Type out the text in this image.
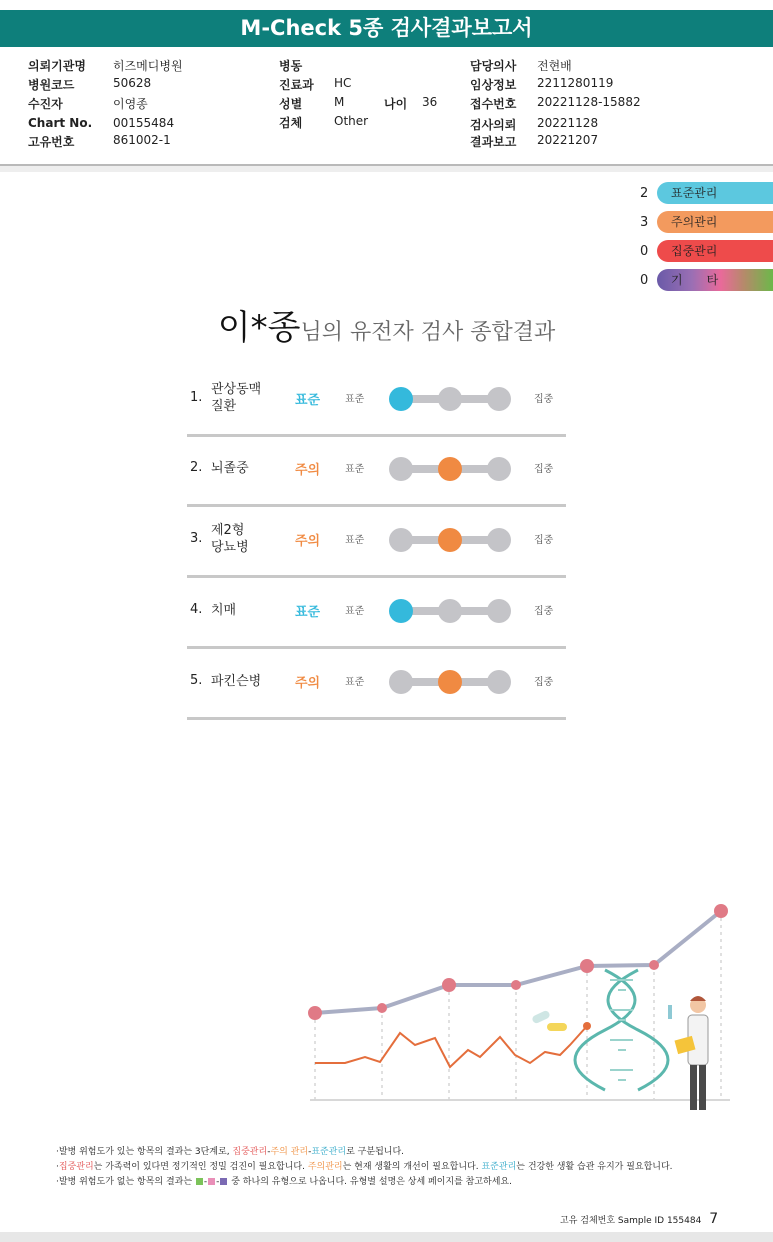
M-Check 5종 검사결과보고서
의뢰기관명 히즈메디병원
병원코드	50628
수진자	이영종
Chart No. 00155484
고유번호	861002-1
병동
진료과 HC
성별	M
검체	Other
나이 36
담당의사 전현배
임상정보 2211280119
접수번호 20221128-15882
검사의뢰 20221128
결과보고 20221207
2	표준관리
3	주의관리
0	집중관리
0	기　　타
이*종님의 유전자 검사 종합결과
1.
관상동맥
질환	표준 표준	집중
2. 뇌졸중	주의 표준	집중
3.
제2형
당뇨병	주의 표준	집중
4. 치매	표준 표준	집중
5. 파킨슨병	주의 표준	집중
·발병 위험도가 있는 항목의 결과는 3단계로, 집중관리-주의 관리-표준관리로 구분됩니다.
·집중관리는 가족력이 있다면 정기적인 정밀 검진이 필요합니다. 주의관리는 현재 생활의 개선이 필요합니다. 표준관리는 건강한 생활 습관 유지가 필요합니다.
·발병 위험도가 없는 항목의 결과는 - - 중 하나의 유형으로 나옵니다. 유형별 설명은 상세 페이지를 참고하세요.
고유 검체번호 Sample ID 155484 7
